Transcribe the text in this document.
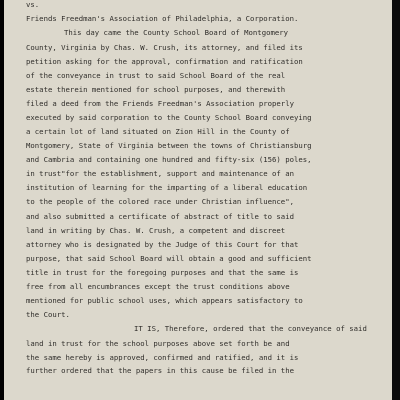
vs.

Friends Freedman's Association of Philadelphia, a Corporation.

This day came the County School Board of Montgomery

County, Virginia by Chas. W. Crush, its attorney, and filed its

petition asking for the approval, confirmation and ratification

of the conveyance in trust to said School Board of the real

estate therein mentioned for school purposes, and therewith

filed a deed from the Friends Freedman's Association properly

executed by said corporation to the County School Board conveying

a certain lot of land situated on Zion Hill in the County of

Montgomery, State of Virginia between the towns of Christiansburg

and Cambria and containing one hundred and fifty-six (156) poles,

in trust"for the establishment, support and maintenance of an

institution of learning for the imparting of a liberal education

to the people of the colored race under Christian influence",

and also submitted a certificate of abstract of title to said

land in writing by Chas. W. Crush, a competent and discreet

attorney who is designated by the Judge of this Court for that

purpose, that said School Board will obtain a good and sufficient

title in trust for the foregoing purposes and that the same is

free from all encumbrances except the trust conditions above

mentioned for public school uses, which appears satisfactory to

the Court.

IT IS, Therefore, ordered that the conveyance of said

land in trust for the school purposes above set forth be and

the same hereby is approved, confirmed and ratified, and it is

further ordered that the papers in this cause be filed in the
